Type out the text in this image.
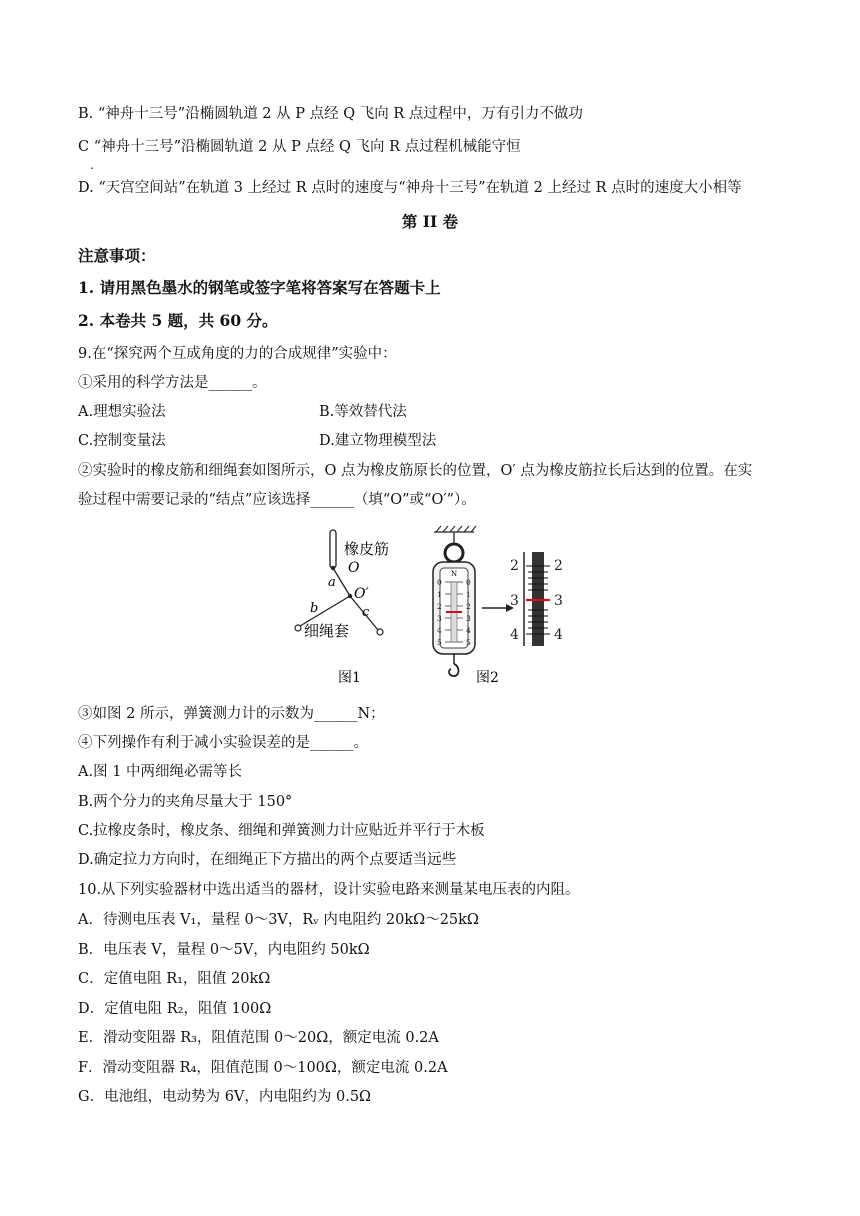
B. “神舟十三号”沿椭圆轨道 2 从 P 点经 Q 飞向 R 点过程中，万有引力不做功
C “神舟十三号”沿椭圆轨道 2 从 P 点经 Q 飞向 R 点过程机械能守恒
.
D. “天宫空间站”在轨道 3 上经过 R 点时的速度与“神舟十三号”在轨道 2 上经过 R 点时的速度大小相等
第 II 卷
注意事项：
1. 请用黑色墨水的钢笔或签字笔将答案写在答题卡上
2. 本卷共 5 题，共 60 分。
9.在“探究两个互成角度的力的合成规律”实验中：
①采用的科学方法是______。
A.理想实验法	B.等效替代法
C.控制变量法	D.建立物理模型法
②实验时的橡皮筋和细绳套如图所示，O 点为橡皮筋原长的位置，O′ 点为橡皮筋拉长后达到的位置。在实
验过程中需要记录的“结点”应该选择______（填“O”或“O′”）。
橡皮筋
O
a
O′
b	c
细绳套
图1
N
0
1
2
3
4
5
0
1
2
3
4
5
2
3
4
2
3
4
图2
③如图 2 所示，弹簧测力计的示数为______N；
④下列操作有利于减小实验误差的是______。
A.图 1 中两细绳必需等长
B.两个分力的夹角尽量大于 150°
C.拉橡皮条时，橡皮条、细绳和弹簧测力计应贴近并平行于木板
D.确定拉力方向时，在细绳正下方描出的两个点要适当远些
10.从下列实验器材中选出适当的器材，设计实验电路来测量某电压表的内阻。
A．待测电压表 V₁，量程 0～3V，Rᵥ 内电阻约 20kΩ～25kΩ
B．电压表 V，量程 0～5V，内电阻约 50kΩ
C．定值电阻 R₁，阻值 20kΩ
D．定值电阻 R₂，阻值 100Ω
E．滑动变阻器 R₃，阻值范围 0～20Ω，额定电流 0.2A
F．滑动变阻器 R₄，阻值范围 0～100Ω，额定电流 0.2A
G．电池组，电动势为 6V，内电阻约为 0.5Ω
